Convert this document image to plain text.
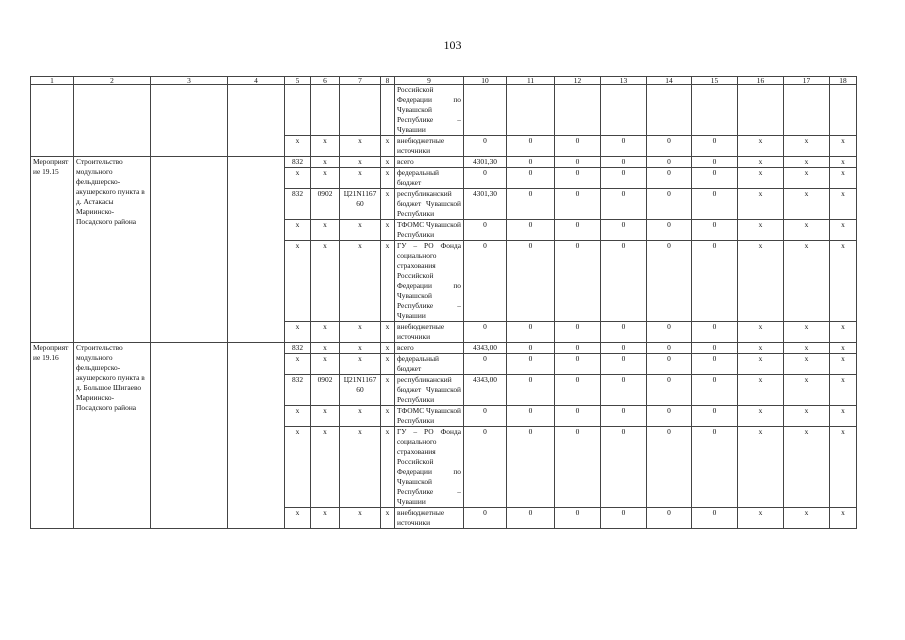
103
1	2	3	4	5	6	7	8	9	10	11	12	13	14	15	16	17	18
								Российской Федерации по Чувашской Республике – Чувашии									
				x	x	x	x	внебюджетные источники	0	0	0	0	0	0	x	x	x
Мероприятие 19.15	Строительство модульного фельдшерско-акушерского пункта в д. Астакасы Мариинско-Посадского района			832	x	x	x	всего	4301,30	0	0	0	0	0	x	x	x
				x	x	x	x	федеральный бюджет	0	0	0	0	0	0	x	x	x
				832	0902	Ц21N116760	x	республиканский бюджет Чувашской Республики	4301,30	0	0	0	0	0	x	x	x
				x	x	x	x	ТФОМС Чувашской Республики	0	0	0	0	0	0	x	x	x
				x	x	x	x	ГУ – РО Фонда социального страхования Российской Федерации по Чувашской Республике – Чувашии	0	0	0	0	0	0	x	x	x
				x	x	x	x	внебюджетные источники	0	0	0	0	0	0	x	x	x
Мероприятие 19.16	Строительство модульного фельдшерско-акушерского пункта в д. Большое Шигаево Мариинско-Посадского района			832	x	x	x	всего	4343,00	0	0	0	0	0	x	x	x
				x	x	x	x	федеральный бюджет	0	0	0	0	0	0	x	x	x
				832	0902	Ц21N116760	x	республиканский бюджет Чувашской Республики	4343,00	0	0	0	0	0	x	x	x
				x	x	x	x	ТФОМС Чувашской Республики	0	0	0	0	0	0	x	x	x
				x	x	x	x	ГУ – РО Фонда социального страхования Российской Федерации по Чувашской Республике – Чувашии	0	0	0	0	0	0	x	x	x
				x	x	x	x	внебюджетные источники	0	0	0	0	0	0	x	x	x
